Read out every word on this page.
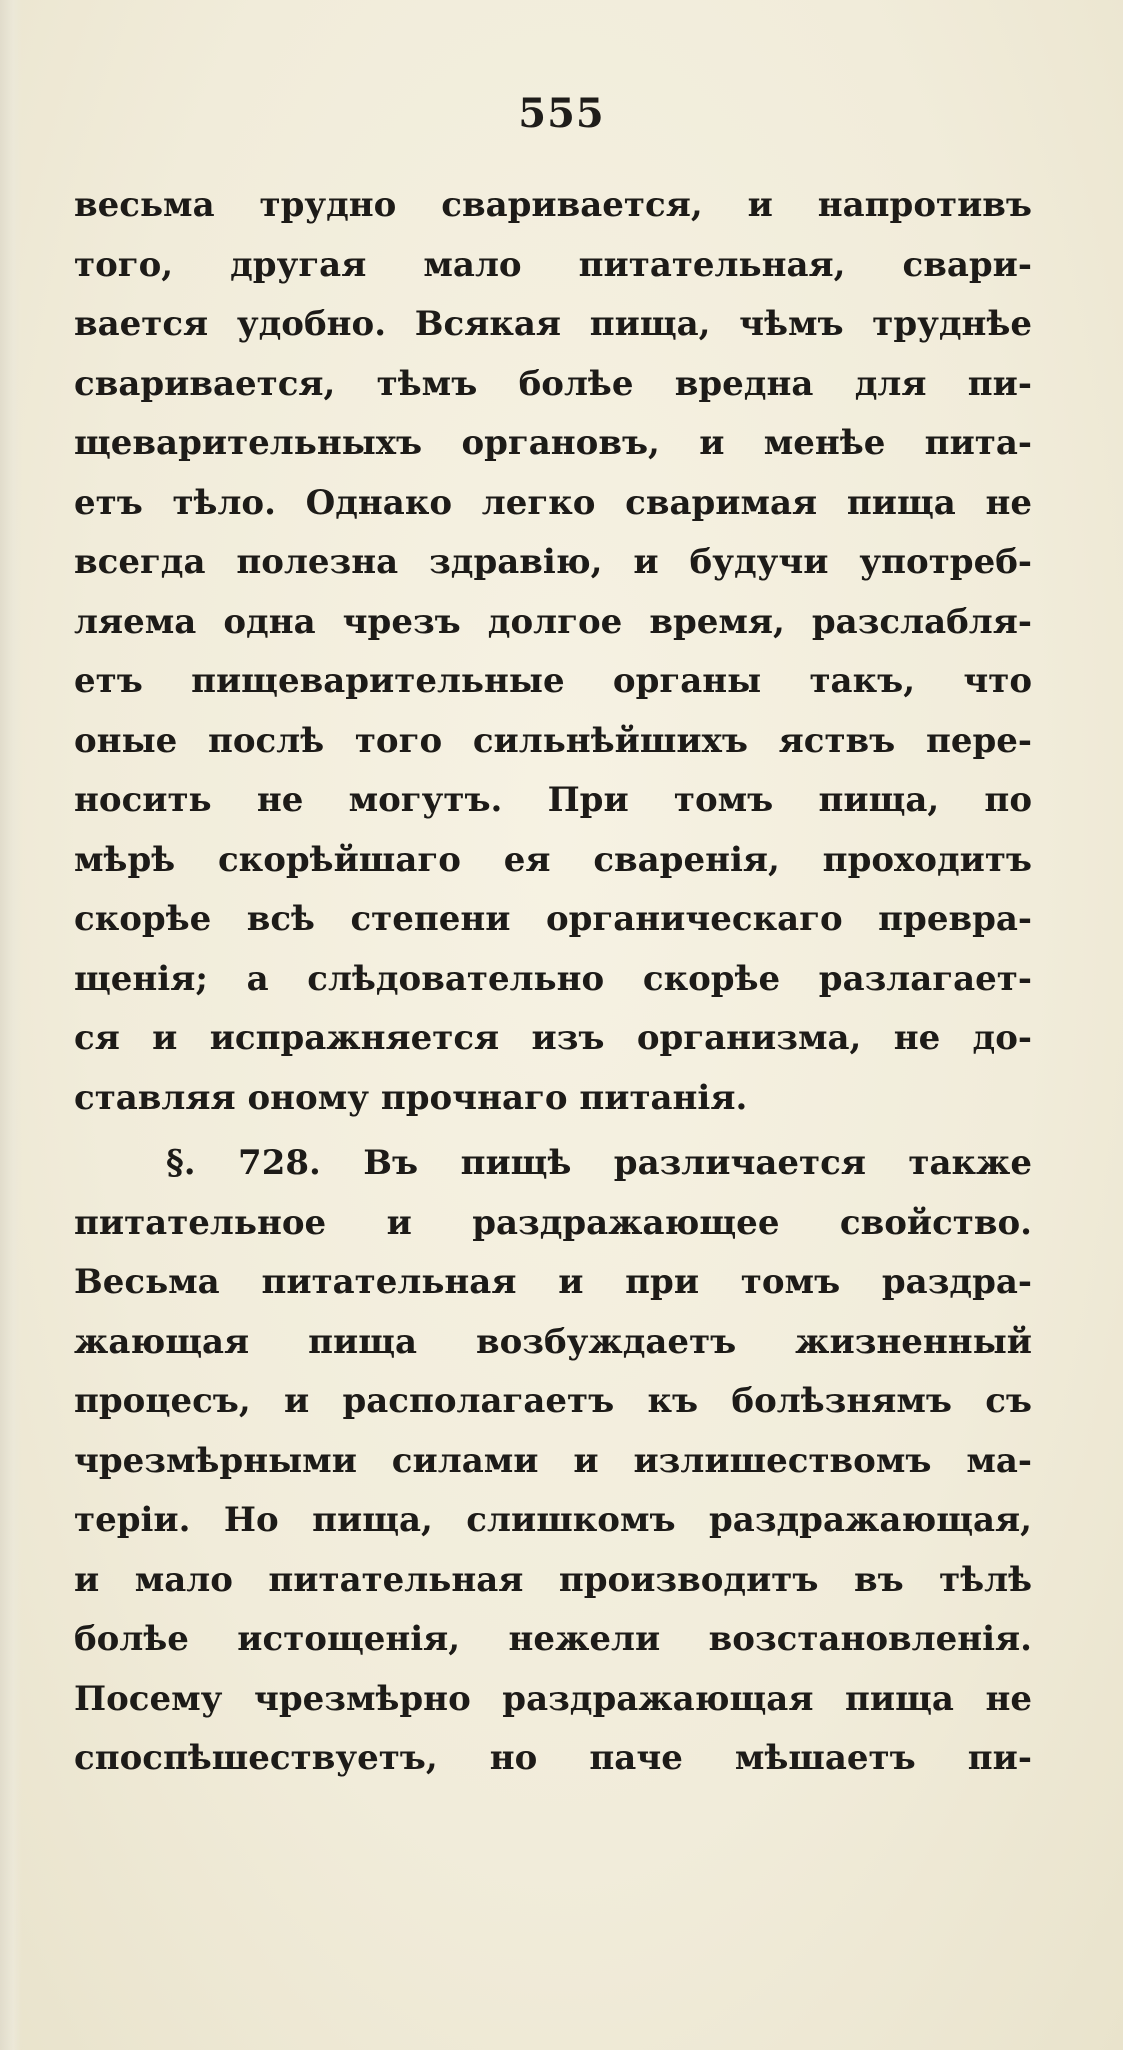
555
весьма трудно свариваетcя, и напротивъ
того, другая мало питательная, свари-
вается удобно. Всякая пища, чѣмъ труднѣе
сваривается, тѣмъ болѣе вредна для пи-
щеварительныхъ органовъ, и менѣе пита-
етъ тѣло. Однако легко сваримая пища не
всегда полезна здравію, и будучи употреб-
ляема одна чрезъ долгое время, разслабля-
етъ пищеварительные органы такъ, что
оные послѣ того сильнѣйшихъ яствъ пере-
носить не могутъ. При томъ пища, по
мѣрѣ скорѣйшаго ея сваренія, проходитъ
скорѣе всѣ степени органическаго превра-
щенія; а слѣдовательно скорѣе разлагает-
ся и испражняется изъ организма, не до-
ставляя оному прочнаго питанія.
§. 728. Въ пищѣ различается также
питательное и раздражающее свойство.
Весьма питательная и при томъ раздра-
жающая пища возбуждаетъ жизненный
процесъ, и располагаетъ къ болѣзнямъ съ
чрезмѣрными силами и излишествомъ ма-
теріи. Но пища, слишкомъ раздражающая,
и мало питательная производитъ въ тѣлѣ
болѣе истощенія, нежели возстановленія.
Посему чрезмѣрно раздражающая пища не
споспѣшествуетъ, но паче мѣшаетъ пи-
